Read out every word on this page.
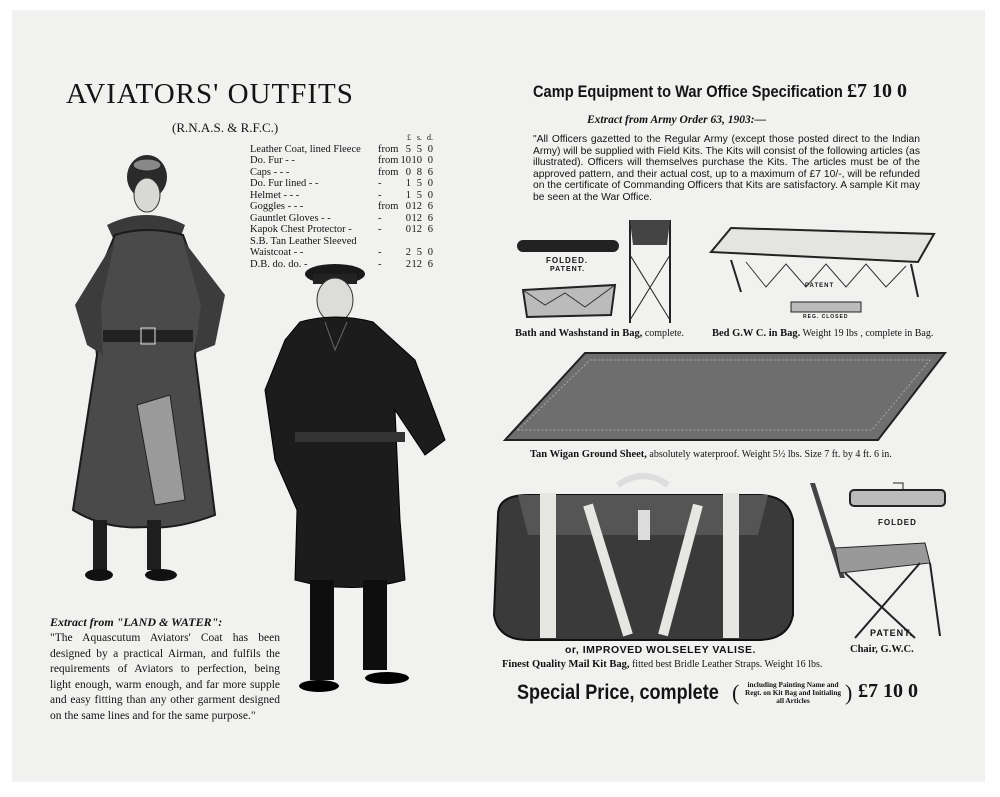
AVIATORS' OUTFITS
(R.N.A.S. & R.F.C.)
£ s. d.
Leather Coat, lined Fleece	from 5 5 0
Do. Fur - -	from 10 10 0
Caps - - -	from 0 8 6
Do. Fur lined - -	-	1 5 0
Helmet - - -	-	1 5 0
Goggles - - -	from 0 12 6
Gauntlet Gloves - -	-	0 12 6
Kapok Chest Protector -	-	0 12 6
S.B. Tan Leather Sleeved
Waistcoat - -	-	2 5 0
D.B. do. do. -	-	2 12 6
Extract from "LAND & WATER":
"The Aquascutum Aviators' Coat has been designed by a practical Airman, and fulfils the requirements of Aviators to perfection, being light enough, warm enough, and far more supple and easy fitting than any other garment designed on the same lines and for the same purpose."
Camp Equipment to War Office Specification £7 10 0
Extract from Army Order 63, 1903:—
"All Officers gazetted to the Regular Army (except those posted direct to the Indian Army) will be supplied with Field Kits. The Kits will consist of the following articles (as illustrated). Officers will themselves purchase the Kits. The articles must be of the approved pattern, and their actual cost, up to a maximum of £7 10/-, will be refunded on the certificate of Commanding Officers that Kits are satisfactory. A sample Kit may be seen at the War Office.
FOLDED.
PATENT.
PATENT
REG. CLOSED
Bath and Washstand in Bag, complete.	Bed G.W C. in Bag. Weight 19 lbs , complete in Bag.
Tan Wigan Ground Sheet, absolutely waterproof. Weight 5½ lbs. Size 7 ft. by 4 ft. 6 in.
or, IMPROVED WOLSELEY VALISE.
Finest Quality Mail Kit Bag, fitted best Bridle Leather Straps. Weight 16 lbs.
FOLDED
PATENT.
Chair, G.W.C.
Special Price, complete (	including Painting Name and Regt. on Kit Bag and Initialing all Articles	) £7 10 0
